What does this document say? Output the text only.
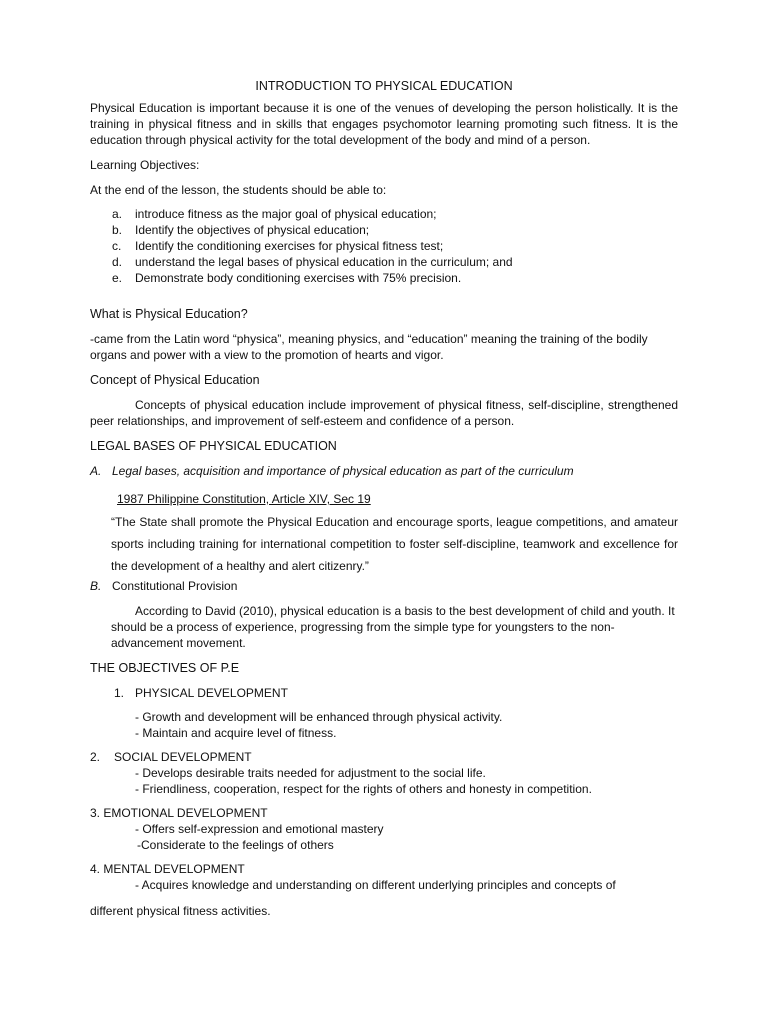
INTRODUCTION TO PHYSICAL EDUCATION

Physical Education is important because it is one of the venues of developing the person holistically. It is the training in physical fitness and in skills that engages psychomotor learning promoting such fitness. It is the education through physical activity for the total development of the body and mind of a person.

Learning Objectives:

At the end of the lesson, the students should be able to:

a.	introduce fitness as the major goal of physical education;
b.	Identify the objectives of physical education;
c.	Identify the conditioning exercises for physical fitness test;
d.	understand the legal bases of physical education in the curriculum; and
e.	Demonstrate body conditioning exercises with 75% precision.

What is Physical Education?

-came from the Latin word “physica”, meaning physics, and “education” meaning the training of the bodily organs and power with a view to the promotion of hearts and vigor.

Concept of Physical Education

Concepts of physical education include improvement of physical fitness, self-discipline, strengthened peer relationships, and improvement of self-esteem and confidence of a person.

LEGAL BASES OF PHYSICAL EDUCATION

A. Legal bases, acquisition and importance of physical education as part of the curriculum

1987 Philippine Constitution, Article XIV, Sec 19

“The State shall promote the Physical Education and encourage sports, league competitions, and amateur sports including training for international competition to foster self-discipline, teamwork and excellence for the development of a healthy and alert citizenry.”

B. Constitutional Provision

According to David (2010), physical education is a basis to the best development of child and youth. It should be a process of experience, progressing from the simple type for youngsters to the non-advancement movement.

THE OBJECTIVES OF P.E

1. PHYSICAL DEVELOPMENT

- Growth and development will be enhanced through physical activity.

- Maintain and acquire level of fitness.

2.	SOCIAL DEVELOPMENT

- Develops desirable traits needed for adjustment to the social life.

- Friendliness, cooperation, respect for the rights of others and honesty in competition.

3. EMOTIONAL DEVELOPMENT

- Offers self-expression and emotional mastery

-Considerate to the feelings of others

4. MENTAL DEVELOPMENT

- Acquires knowledge and understanding on different underlying principles and concepts of

different physical fitness activities.
